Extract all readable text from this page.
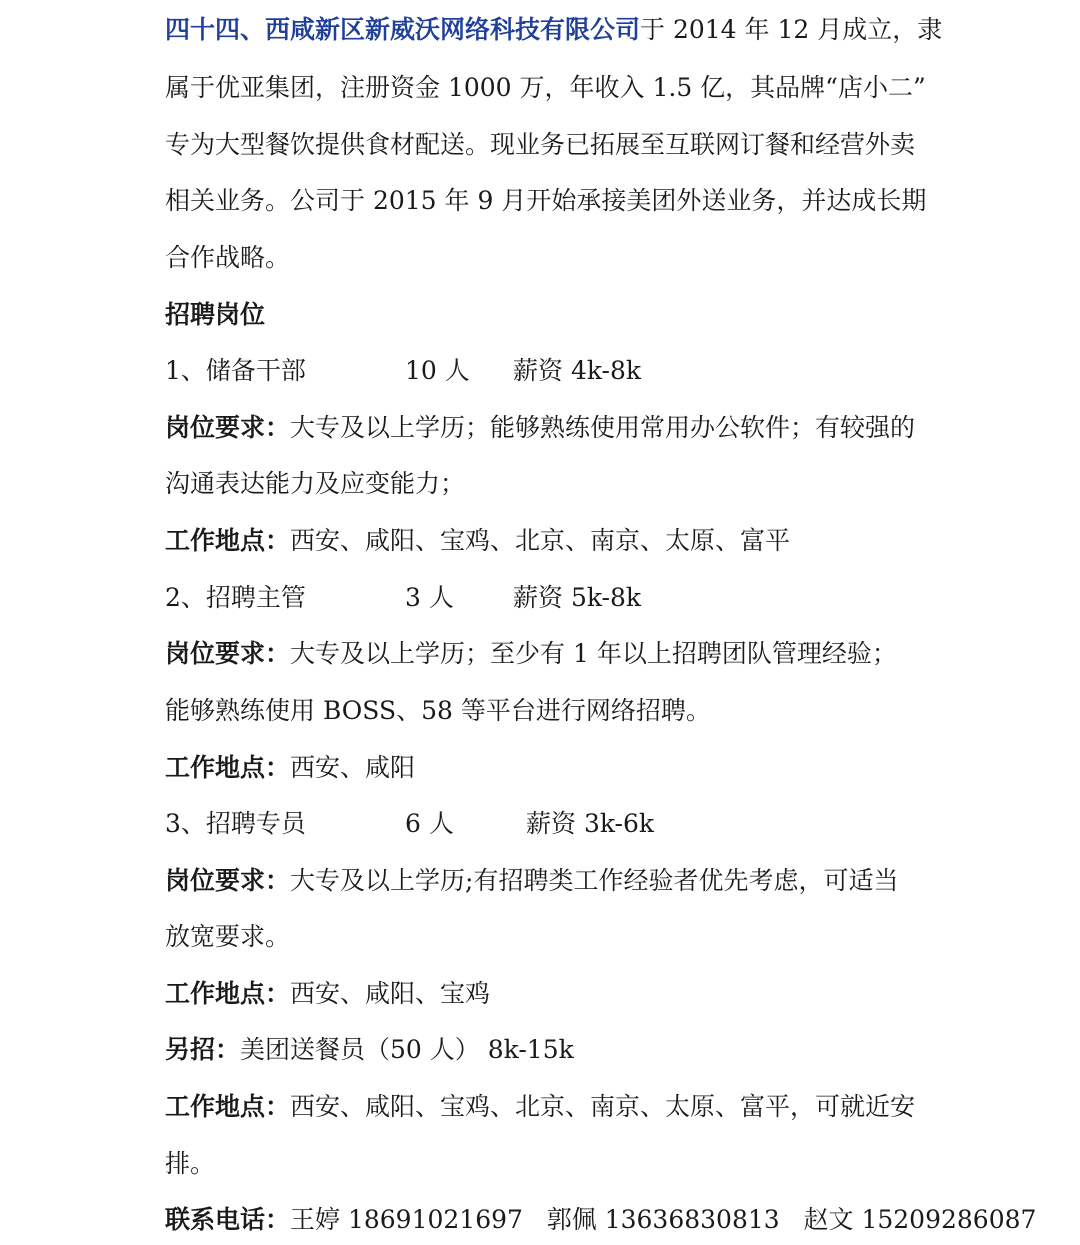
四十四、西咸新区新威沃网络科技有限公司于 2014 年 12 月成立，隶
属于优亚集团，注册资金 1000 万，年收入 1.5 亿，其品牌“店小二”
专为大型餐饮提供食材配送。现业务已拓展至互联网订餐和经营外卖
相关业务。公司于 2015 年 9 月开始承接美团外送业务，并达成长期
合作战略。
招聘岗位

1、储备干部

	10 人

薪资 4k-8k

岗位要求：大专及以上学历；能够熟练使用常用办公软件；有较强的
沟通表达能力及应变能力；
工作地点：西安、咸阳、宝鸡、北京、南京、太原、富平

2、招聘主管

	3 人

薪资 5k-8k

岗位要求：大专及以上学历；至少有 1 年以上招聘团队管理经验；
能够熟练使用 BOSS、58 等平台进行网络招聘。
工作地点：西安、咸阳

3、招聘专员

	6 人

	薪资 3k-6k

岗位要求：大专及以上学历;有招聘类工作经验者优先考虑，可适当
放宽要求。
工作地点：西安、咸阳、宝鸡
另招：美团送餐员（50 人） 8k-15k
工作地点：西安、咸阳、宝鸡、北京、南京、太原、富平，可就近安
排。
联系电话：王婷 18691021697   郭佩 13636830813   赵文 15209286087
